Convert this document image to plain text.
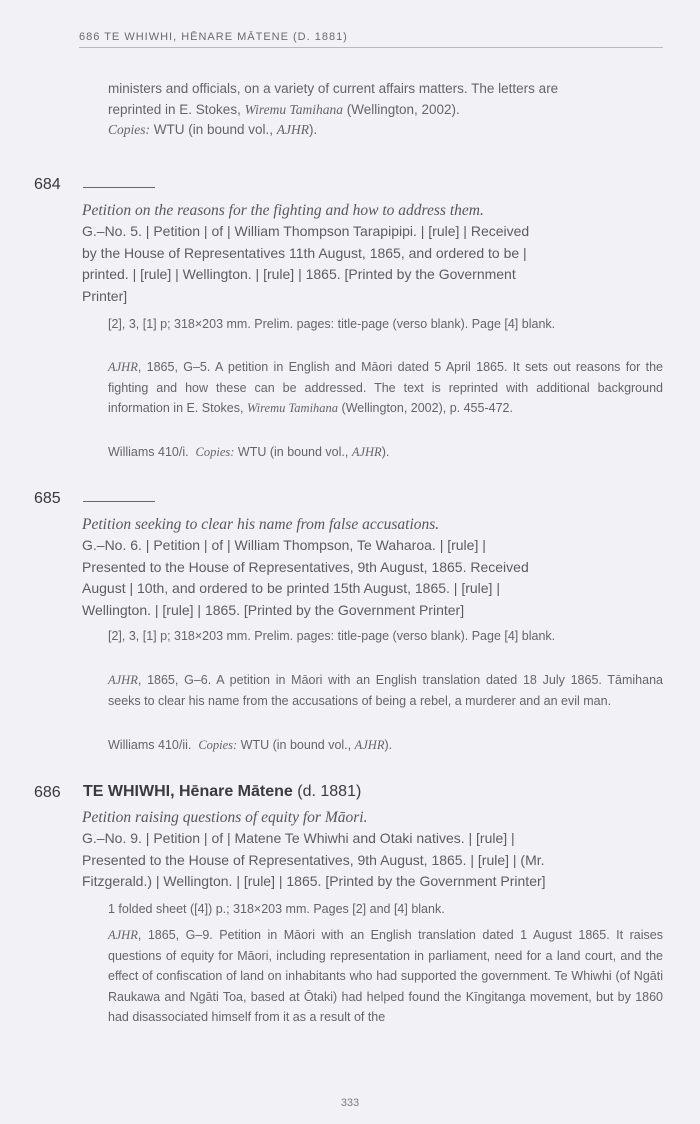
686 TE WHIWHI, HĒNARE MĀTENE (D. 1881)
ministers and officials, on a variety of current affairs matters. The letters are
reprinted in E. Stokes, Wiremu Tamihana (Wellington, 2002).
Copies: WTU (in bound vol., AJHR).
684
Petition on the reasons for the fighting and how to address them.
G.–No. 5. | Petition | of | William Thompson Tarapipipi. | [rule] | Received
by the House of Representatives 11th August, 1865, and ordered to be |
printed. | [rule] | Wellington. | [rule] | 1865. [Printed by the Government
Printer]
[2], 3, [1] p; 318×203 mm. Prelim. pages: title-page (verso blank). Page [4] blank.
AJHR, 1865, G–5. A petition in English and Māori dated 5 April 1865. It sets out reasons for the fighting and how these can be addressed. The text is reprinted with additional background information in E. Stokes, Wiremu Tamihana (Wellington, 2002), p. 455-472.
Williams 410/i. Copies: WTU (in bound vol., AJHR).
685
Petition seeking to clear his name from false accusations.
G.–No. 6. | Petition | of | William Thompson, Te Waharoa. | [rule] |
Presented to the House of Representatives, 9th August, 1865. Received
August | 10th, and ordered to be printed 15th August, 1865. | [rule] |
Wellington. | [rule] | 1865. [Printed by the Government Printer]
[2], 3, [1] p; 318×203 mm. Prelim. pages: title-page (verso blank). Page [4] blank.
AJHR, 1865, G–6. A petition in Māori with an English translation dated 18 July 1865. Tāmihana seeks to clear his name from the accusations of being a rebel, a murderer and an evil man.
Williams 410/ii. Copies: WTU (in bound vol., AJHR).
686 TE WHIWHI, Hēnare Mātene (d. 1881)
Petition raising questions of equity for Māori.
G.–No. 9. | Petition | of | Matene Te Whiwhi and Otaki natives. | [rule] |
Presented to the House of Representatives, 9th August, 1865. | [rule] | (Mr.
Fitzgerald.) | Wellington. | [rule] | 1865. [Printed by the Government Printer]
1 folded sheet ([4]) p.; 318×203 mm. Pages [2] and [4] blank.
AJHR, 1865, G–9. Petition in Māori with an English translation dated 1 August 1865. It raises questions of equity for Māori, including representation in parliament, need for a land court, and the effect of confiscation of land on inhabitants who had supported the government. Te Whiwhi (of Ngāti Raukawa and Ngāti Toa, based at Ōtaki) had helped found the Kīngitanga movement, but by 1860 had disassociated himself from it as a result of the
333
